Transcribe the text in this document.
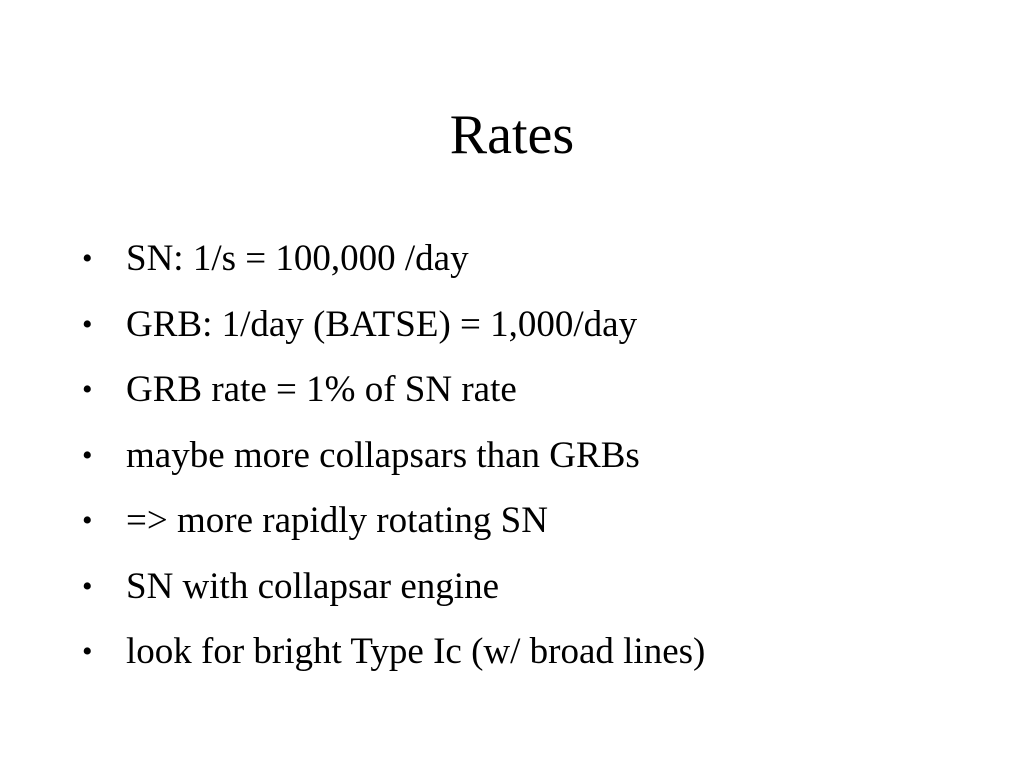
Rates
• SN: 1/s = 100,000 /day
• GRB: 1/day (BATSE) = 1,000/day
• GRB rate = 1% of SN rate
• maybe more collapsars than GRBs
• => more rapidly rotating SN
• SN with collapsar engine
• look for bright Type Ic (w/ broad lines)
